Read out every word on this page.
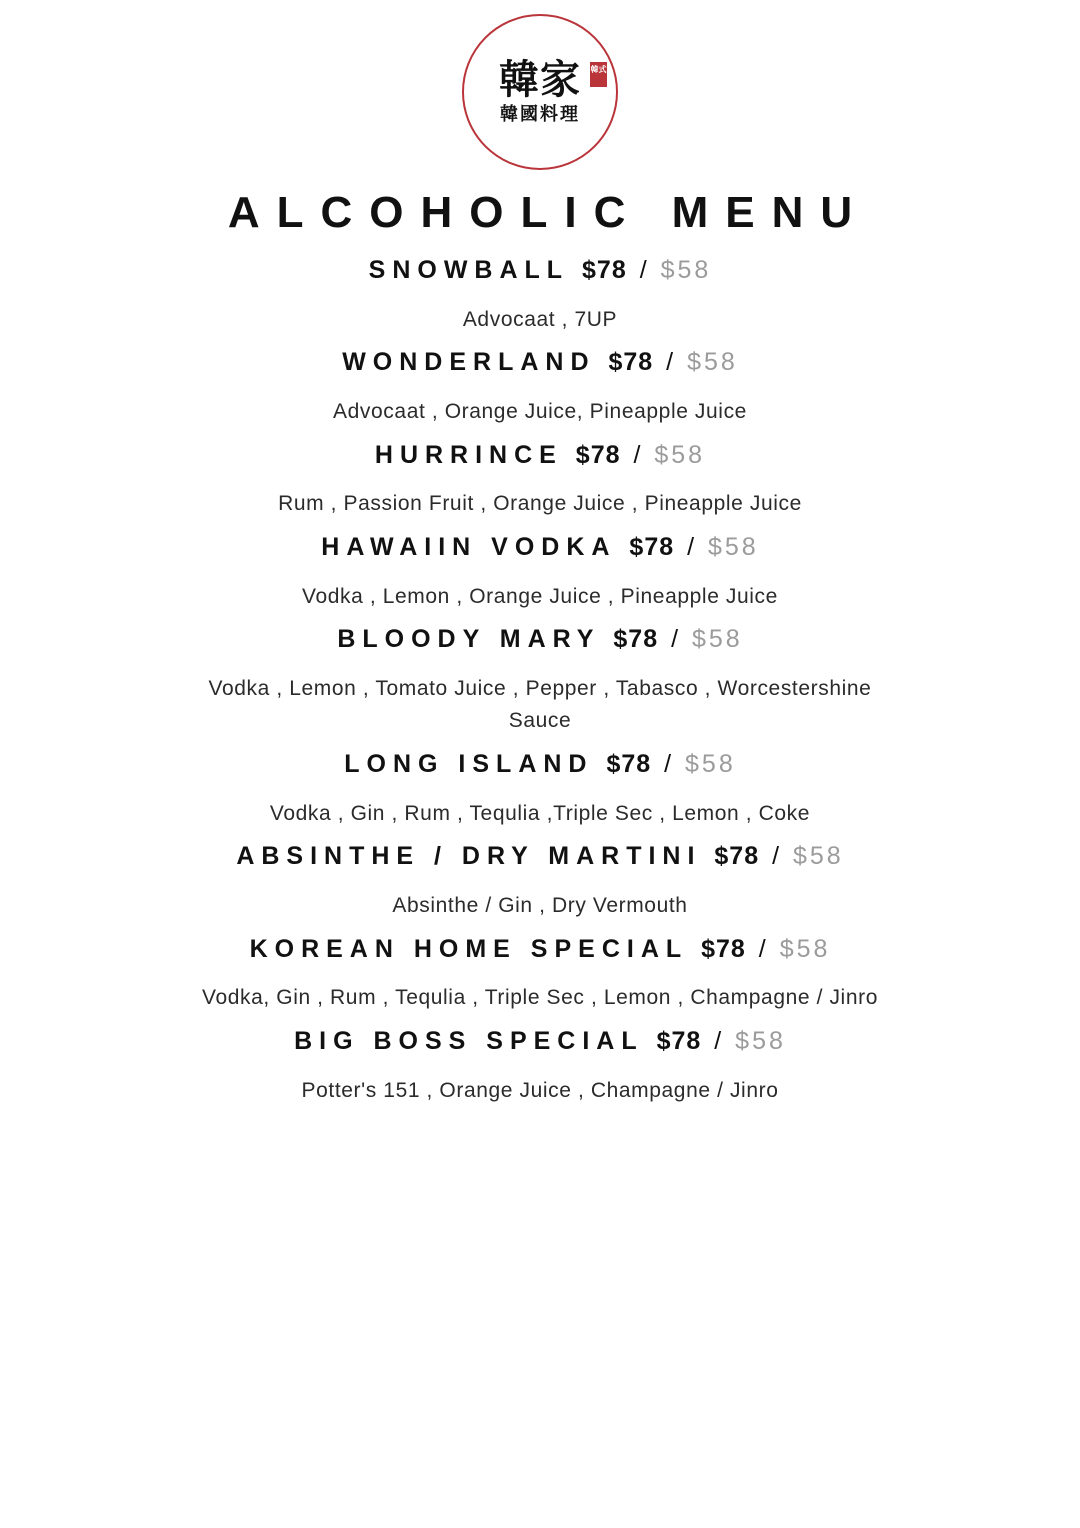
韓家 韓式
韓國料理
ALCOHOLIC MENU
SNOWBALL $78 / $58
Advocaat , 7UP
WONDERLAND $78 / $58
Advocaat , Orange Juice, Pineapple Juice
HURRINCE $78 / $58
Rum , Passion Fruit , Orange Juice , Pineapple Juice
HAWAIIN VODKA $78 / $58
Vodka , Lemon , Orange Juice , Pineapple Juice
BLOODY MARY $78 / $58
Vodka , Lemon , Tomato Juice , Pepper , Tabasco , Worcestershine Sauce
LONG ISLAND $78 / $58
Vodka , Gin , Rum , Tequlia ,Triple Sec , Lemon , Coke
ABSINTHE / DRY MARTINI $78 / $58
Absinthe / Gin , Dry Vermouth
KOREAN HOME SPECIAL $78 / $58
Vodka, Gin , Rum , Tequlia , Triple Sec , Lemon , Champagne / Jinro
BIG BOSS SPECIAL $78 / $58
Potter's 151 , Orange Juice , Champagne / Jinro
